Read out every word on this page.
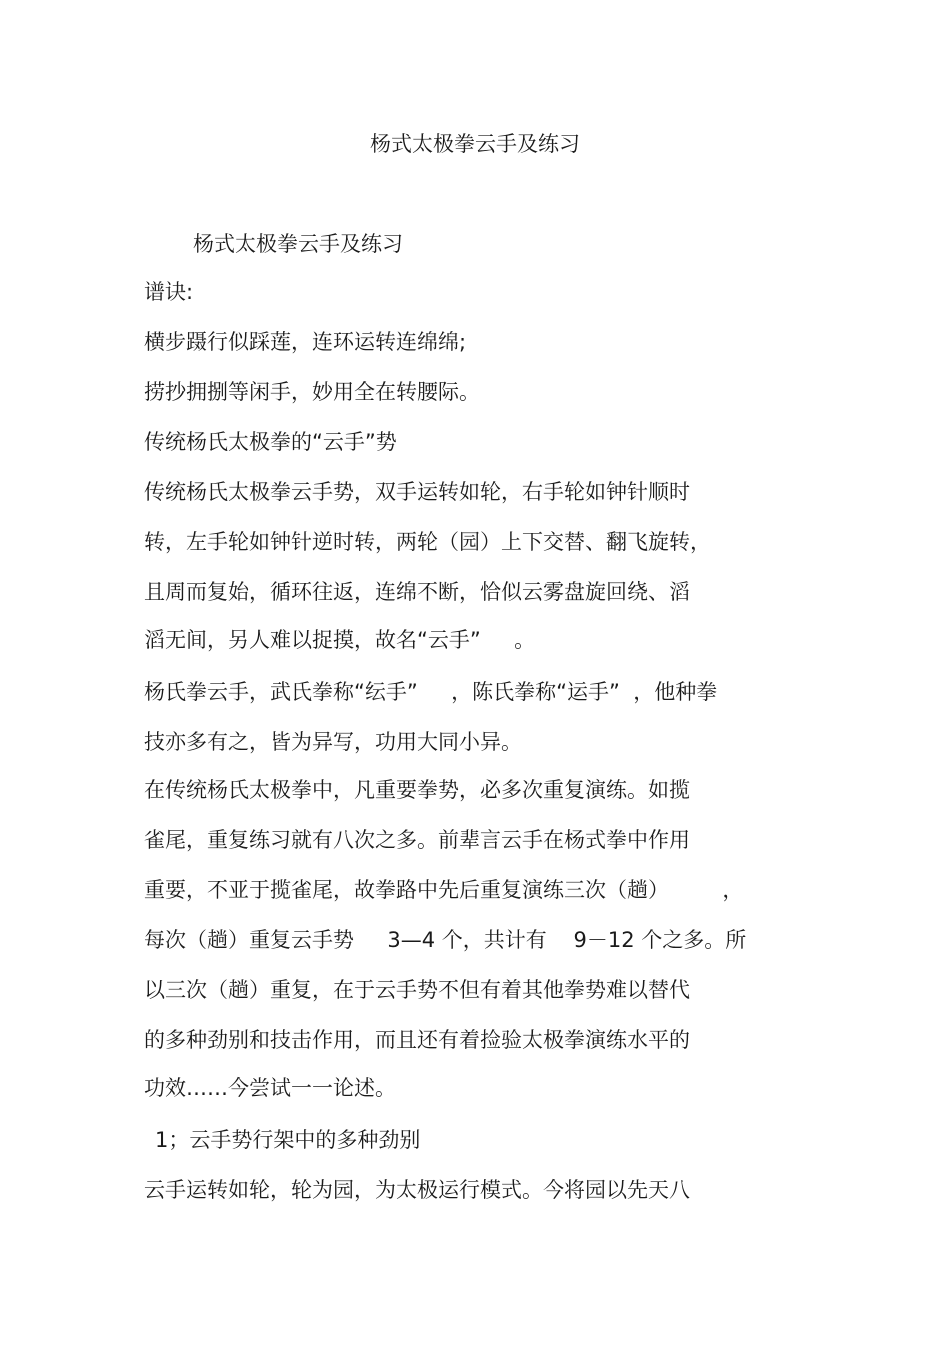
杨式太极拳云手及练习
杨式太极拳云手及练习
谱诀:
横步蹑行似踩莲，连环运转连绵绵;
捞抄拥捌等闲手，妙用全在转腰际。
传统杨氏太极拳的“云手”势
传统杨氏太极拳云手势，双手运转如轮，右手轮如钟针顺时
转，左手轮如钟针逆时转，两轮（园）上下交替、翻飞旋转，
且周而复始，循环往返，连绵不断，恰似云雾盘旋回绕、滔
滔无间，另人难以捉摸，故名“云手”     。
杨氏拳云手，武氏拳称“纭手”     ，陈氏拳称“运手”  ，他种拳
技亦多有之，皆为异写，功用大同小异。
在传统杨氏太极拳中，凡重要拳势，必多次重复演练。如揽
雀尾，重复练习就有八次之多。前辈言云手在杨式拳中作用
重要，不亚于揽雀尾，故拳路中先后重复演练三次（趟）        ，
每次（趟）重复云手势     3—4 个，共计有    9－12 个之多。所
以三次（趟）重复，在于云手势不但有着其他拳势难以替代
的多种劲别和技击作用，而且还有着捡验太极拳演练水平的
功效……今尝试一一论述。
1；云手势行架中的多种劲别
云手运转如轮，轮为园，为太极运行模式。今将园以先天八
